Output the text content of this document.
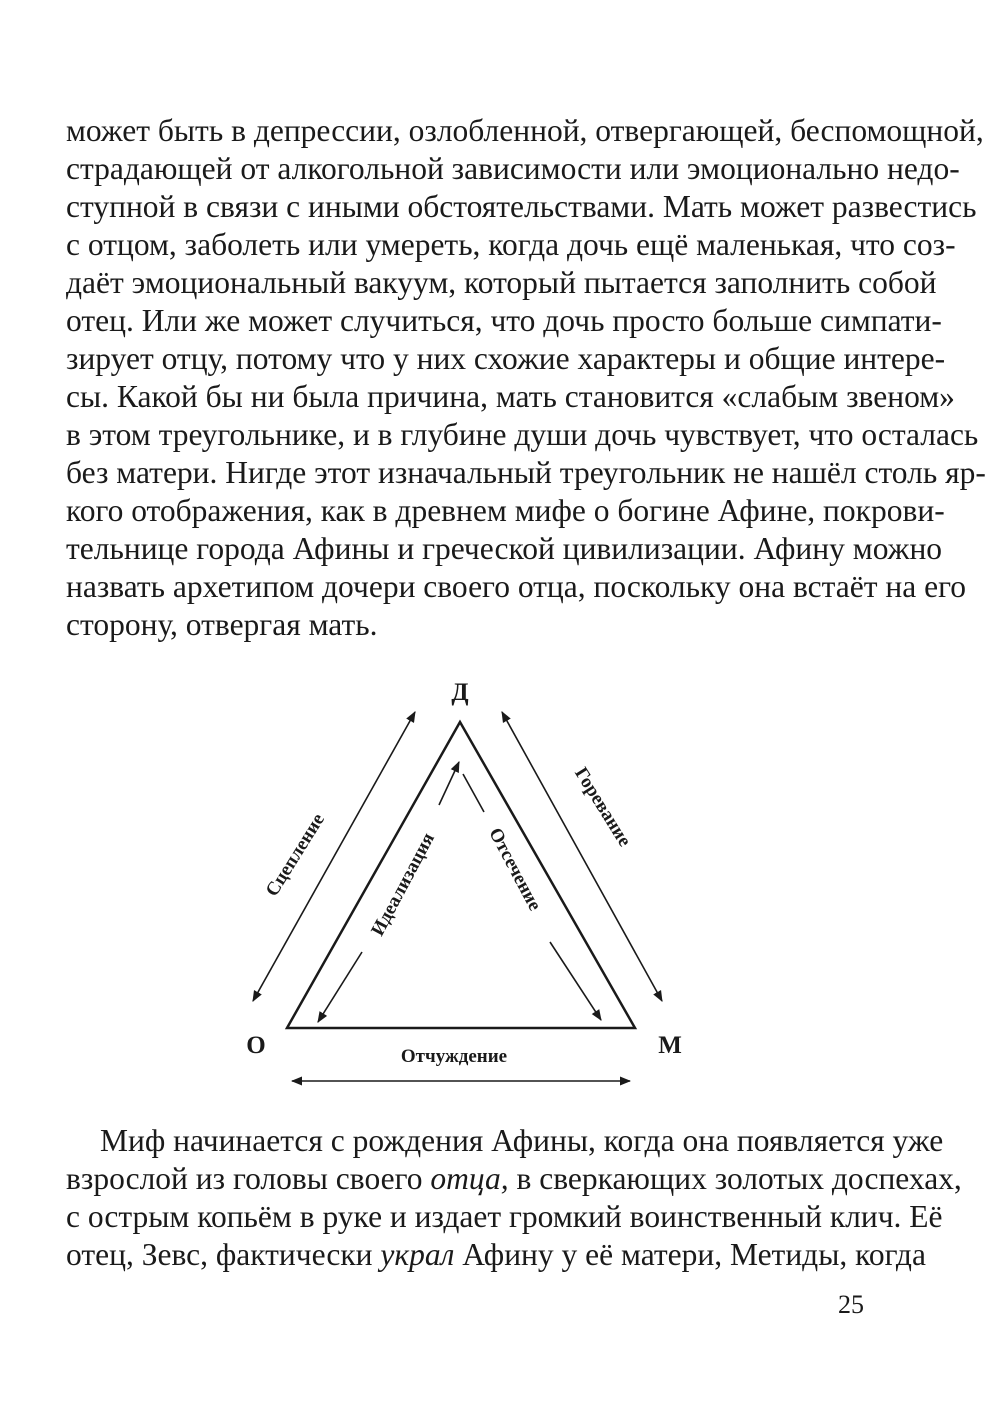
может быть в депрессии, озлобленной, отвергающей, беспомощной,
страдающей от алкогольной зависимости или эмоционально недо-
ступной в связи с иными обстоятельствами. Мать может развестись
с отцом, заболеть или умереть, когда дочь ещё маленькая, что соз-
даёт эмоциональный вакуум, который пытается заполнить собой
отец. Или же может случиться, что дочь просто больше симпати-
зирует отцу, потому что у них схожие характеры и общие интере-
сы. Какой бы ни была причина, мать становится «слабым звеном»
в этом треугольнике, и в глубине души дочь чувствует, что осталась
без матери. Нигде этот изначальный треугольник не нашёл столь яр-
кого отображения, как в древнем мифе о богине Афине, покрови-
тельнице города Афины и греческой цивилизации. Афину можно
назвать архетипом дочери своего отца, поскольку она встаёт на его
сторону, отвергая мать.
Д
О	М
Сцепление
Горевание
Идеализация Отсечение
Отчуждение
Миф начинается с рождения Афины, когда она появляется уже
взрослой из головы своего отца, в сверкающих золотых доспехах,
с острым копьём в руке и издает громкий воинственный клич. Её
отец, Зевс, фактически украл Афину у её матери, Метиды, когда
25
